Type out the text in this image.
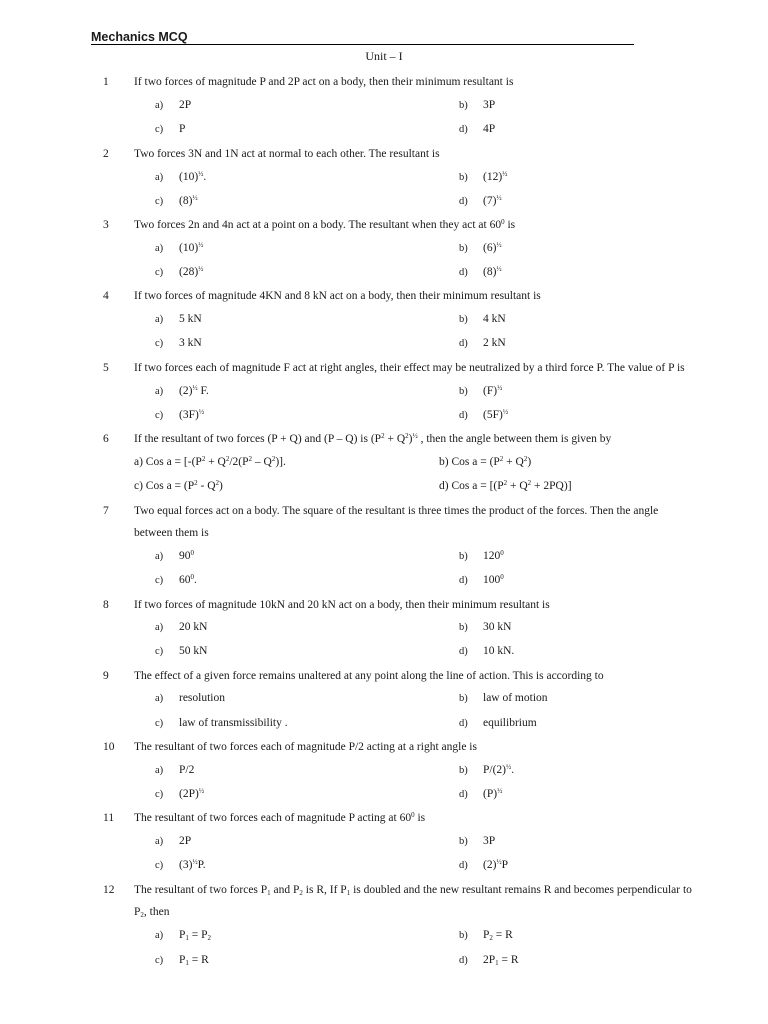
Mechanics MCQ
Unit – I
1	If two forces of magnitude P and 2P act on a body, then their minimum resultant is
a) 2P	b) 3P
c) P	d) 4P
2	Two forces 3N and 1N act at normal to each other. The resultant is
a) $(10)^{\frac{1}{2}}$.	b) $(12)^{\frac{1}{2}}$
c) $(8)^{\frac{1}{2}}$	d) $(7)^{\frac{1}{2}}$
3	Two forces 2n and 4n act at a point on a body. The resultant when they act at $60^0$ is
a) $(10)^{\frac{1}{2}}$	b) $(6)^{\frac{1}{2}}$
c) $(28)^{\frac{1}{2}}$	d) $(8)^{\frac{1}{2}}$
4	If two forces of magnitude 4KN and 8 kN act on a body, then their minimum resultant is
a) 5 kN	b) 4 kN
c) 3 kN	d) 2 kN
5	If two forces each of magnitude F act at right angles, their effect may be neutralized by a third force P. The value of P is
a) $(2)^{\frac{1}{2}}$ F.	b) $(F)^{\frac{1}{2}}$
c) $(3F)^{\frac{1}{2}}$	d) $(5F)^{\frac{1}{2}}$
6	If the resultant of two forces (P + Q) and (P – Q) is $(P^2 + Q^2)^{\frac{1}{2}}$ , then the angle between them is given by
a) Cos $a = [-(P^2 + Q^2/2(P^2 - Q^2)]$.	b) Cos $a = (P^2 + Q^2)$
c) Cos $a = (P^2 - Q^2)$	d) Cos $a = [(P^2 + Q^2 + 2PQ)]$
7	Two equal forces act on a body. The square of the resultant is three times the product of the forces. Then the angle
between them is
a) $90^0$	b) $120^0$
c) $60^0$.	d) $100^0$
8	If two forces of magnitude 10kN and 20 kN act on a body, then their minimum resultant is
a) 20 kN	b) 30 kN
c) 50 kN	d) 10 kN.
9	The effect of a given force remains unaltered at any point along the line of action. This is according to
a) resolution	b) law of motion
c) law of transmissibility .	d) equilibrium
10 The resultant of two forces each of magnitude P/2 acting at a right angle is
a) P/2	b) $P/(2)^{\frac{1}{2}}$.
c) $(2P)^{\frac{1}{2}}$	d) $(P)^{\frac{1}{2}}$
11 The resultant of two forces each of magnitude P acting at $60^0$ is
a) 2P	b) 3P
c) $(3)^{\frac{1}{2}}P$.	d) $(2)^{\frac{1}{2}}P$
12 The resultant of two forces $P_1$ and $P_2$ is R, If $P_1$ is doubled and the new resultant remains R and becomes perpendicular to
$P_2$, then
a) $P_1 = P_2$	b) $P_2 = R$
c) $P_1 = R$	d) $2P_1 = R$
